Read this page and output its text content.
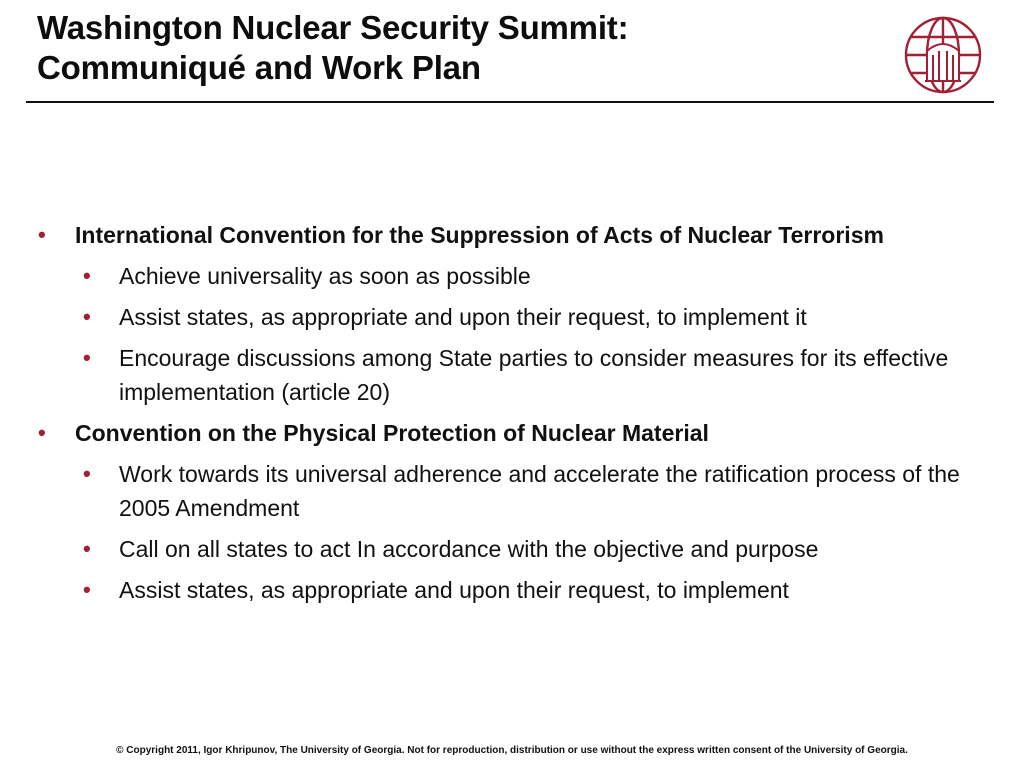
Washington Nuclear Security Summit:
Communiqué and Work Plan

• International Convention for the Suppression of Acts of Nuclear Terrorism

• Achieve universality as soon as possible

• Assist states, as appropriate and upon their request, to implement it

• Encourage discussions among State parties to consider measures for its effective implementation (article 20)

• Convention on the Physical Protection of Nuclear Material

• Work towards its universal adherence and accelerate the ratification process of the 2005 Amendment

• Call on all states to act In accordance with the objective and purpose

• Assist states, as appropriate and upon their request, to implement

© Copyright 2011, Igor Khripunov, The University of Georgia. Not for reproduction, distribution or use without the express written consent of the University of Georgia.
